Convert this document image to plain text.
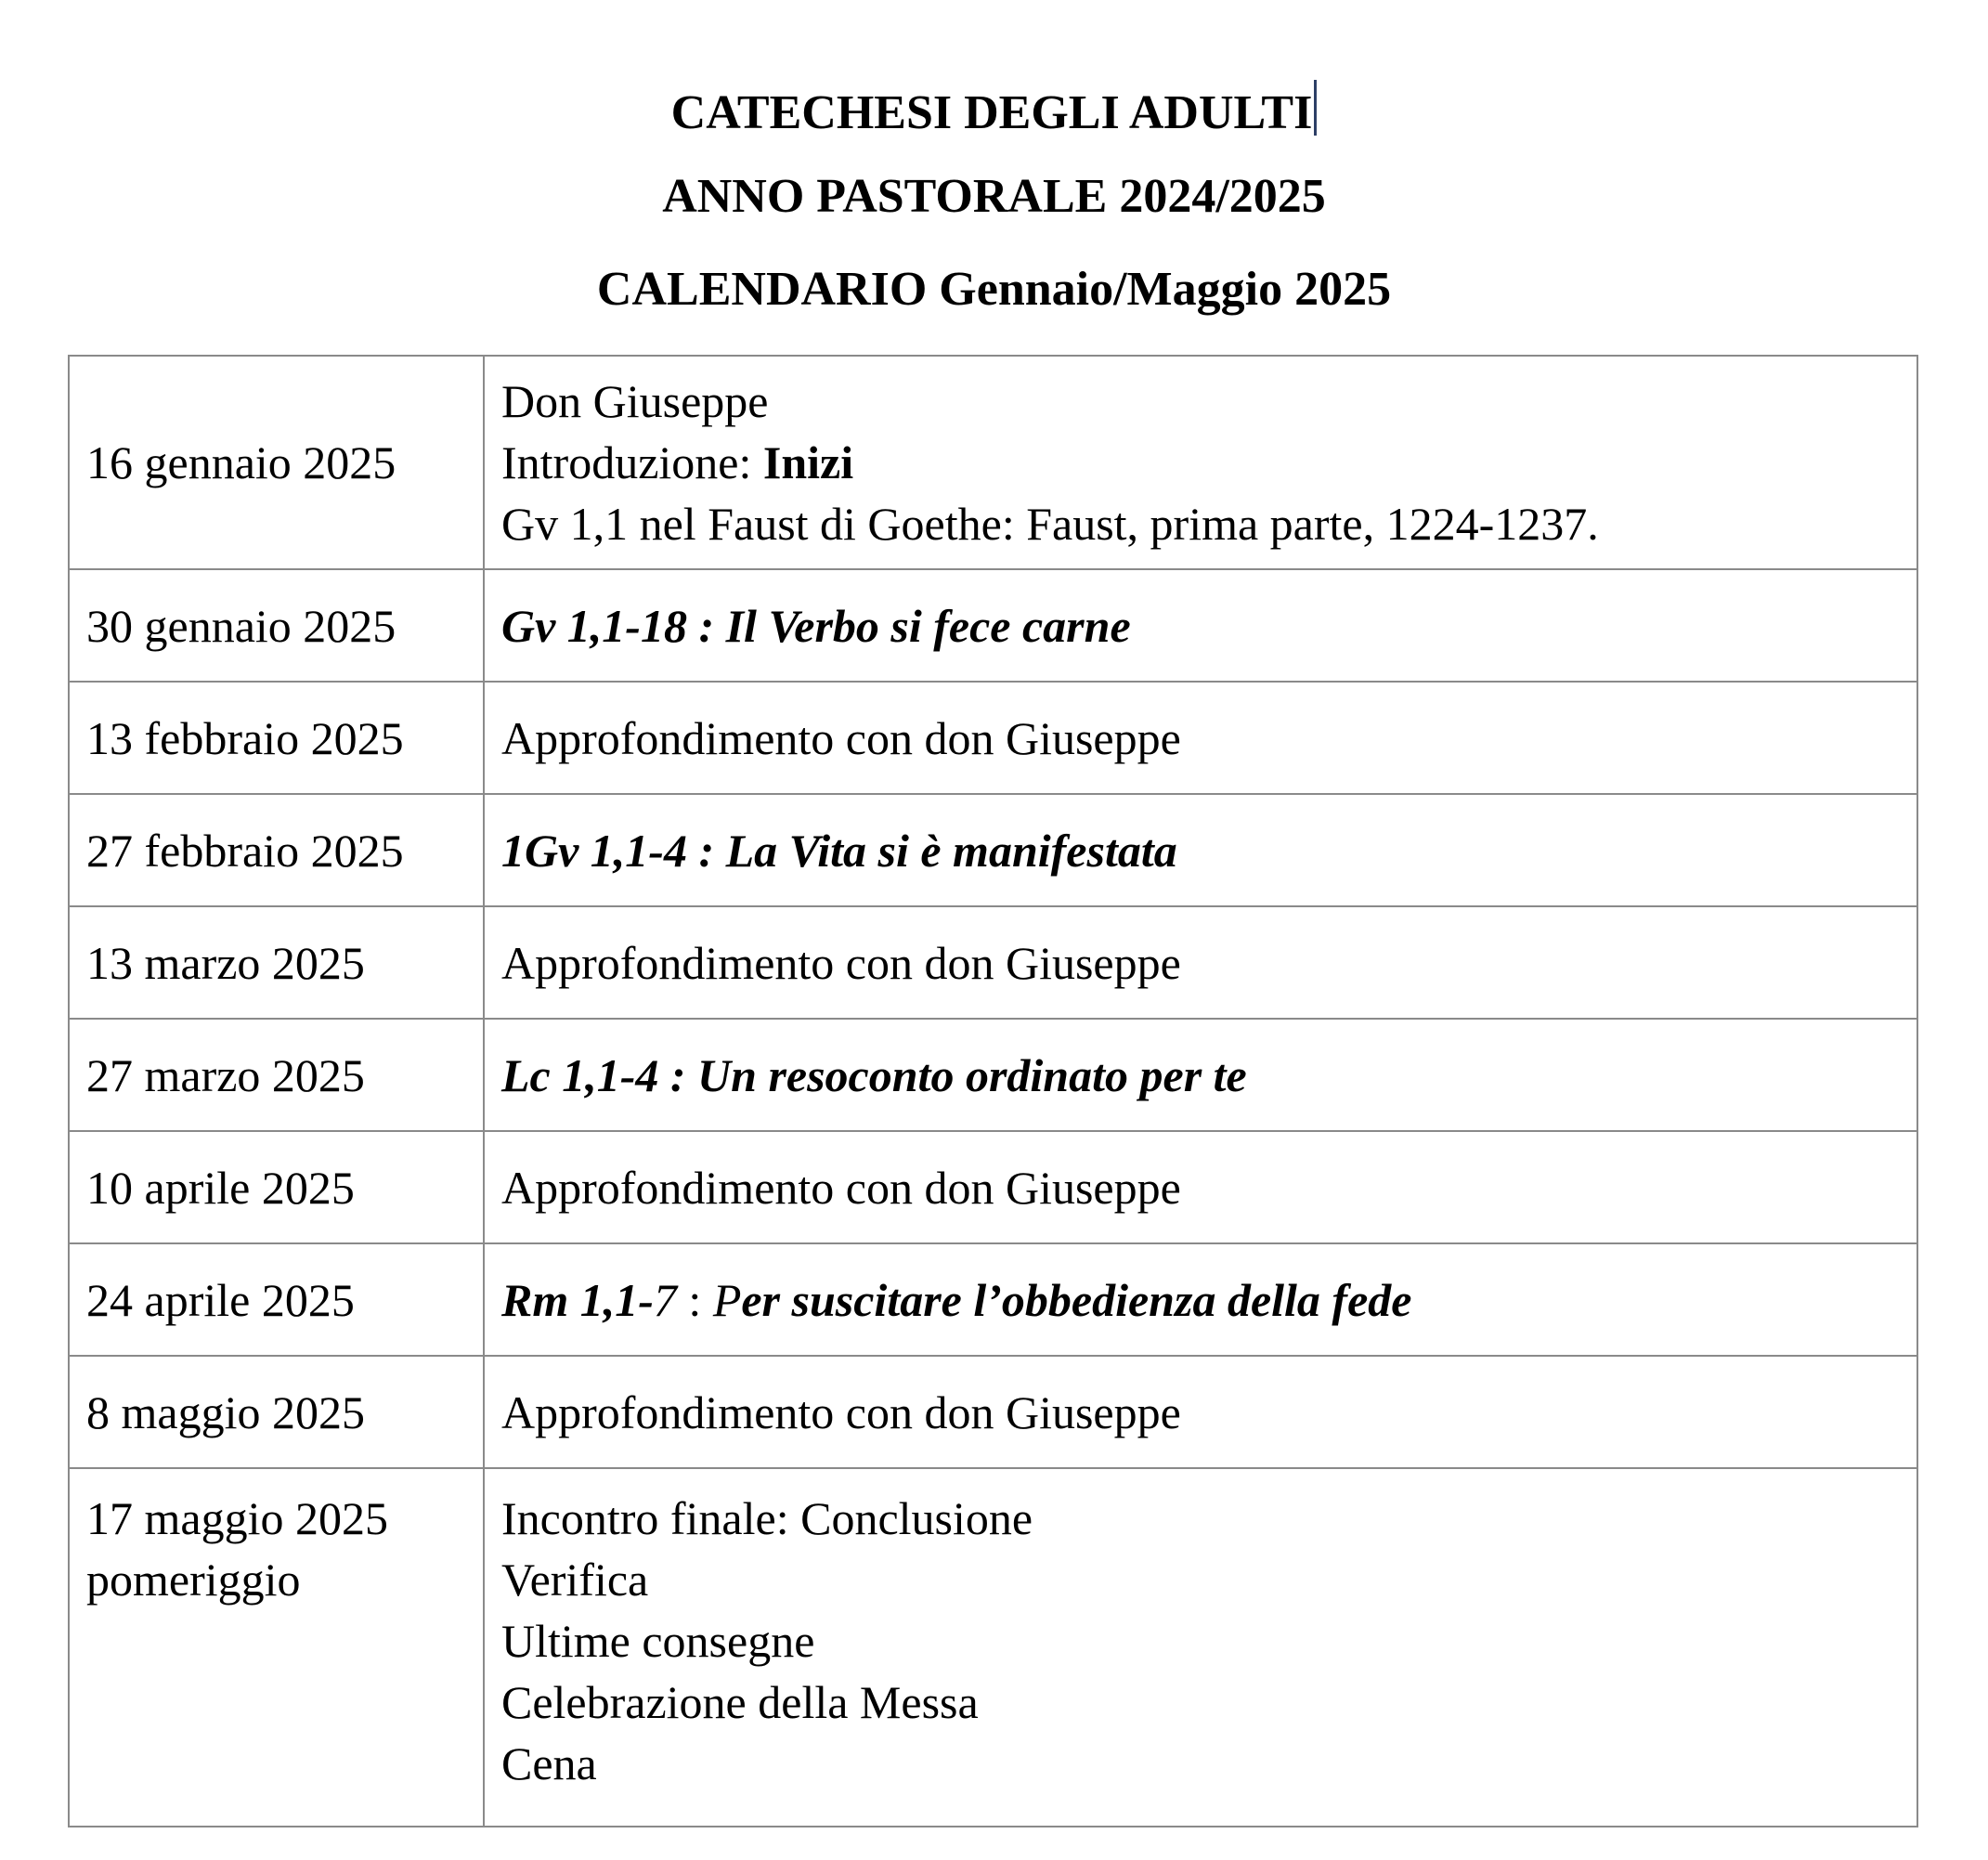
CATECHESI DEGLI ADULTI
ANNO PASTORALE 2024/2025
CALENDARIO Gennaio/Maggio 2025
16 gennaio 2025	Don Giuseppe
Introduzione: Inizi
Gv 1,1 nel Faust di Goethe: Faust, prima parte, 1224-1237.

30 gennaio 2025	Gv 1,1-18 : Il Verbo si fece carne
13 febbraio 2025	Approfondimento con don Giuseppe
27 febbraio 2025	1Gv 1,1-4 : La Vita si è manifestata
13 marzo 2025	Approfondimento con don Giuseppe
27 marzo 2025	Lc 1,1-4 : Un resoconto ordinato per te
10 aprile 2025	Approfondimento con don Giuseppe
24 aprile 2025	Rm 1,1-7 : Per suscitare l’obbedienza della fede
8 maggio 2025	Approfondimento con don Giuseppe

17 maggio 2025
pomeriggio	Incontro finale: Conclusione
Verifica
Ultime consegne
Celebrazione della Messa
Cena
